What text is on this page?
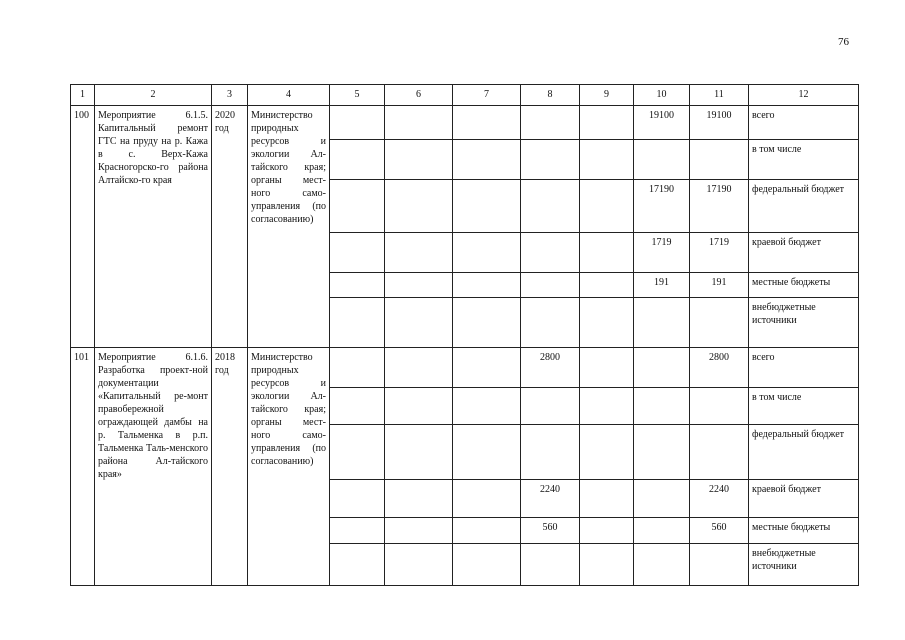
76
1	2	3	4	5	6	7	8	9	10	11	12
100	Мероприятие 6.1.5. Капитальный ремонт ГТС на пруду на р. Кажа в с. Верх-Кажа Красногорско-го района Алтайско-го края	2020 год	Министерство природных ресурсов и экологии Ал-тайского края; органы мест-ного само-управления (по согласованию)						19100	19100	всего
											в том числе
									17190	17190	федеральный бюджет
									1719	1719	краевой бюджет
									191	191	местные бюджеты
											внебюджетные источники
101	Мероприятие 6.1.6. Разработка проект-ной документации «Капитальный ре-монт правобережной ограждающей дамбы на р. Тальменка в р.п. Тальменка Таль-менского района Ал-тайского края»	2018 год	Министерство природных ресурсов и экологии Ал-тайского края; органы мест-ного само-управления (по согласованию)				2800			2800	всего
											в том числе
											федеральный бюджет
							2240			2240	краевой бюджет
							560			560	местные бюджеты
											внебюджетные источники
